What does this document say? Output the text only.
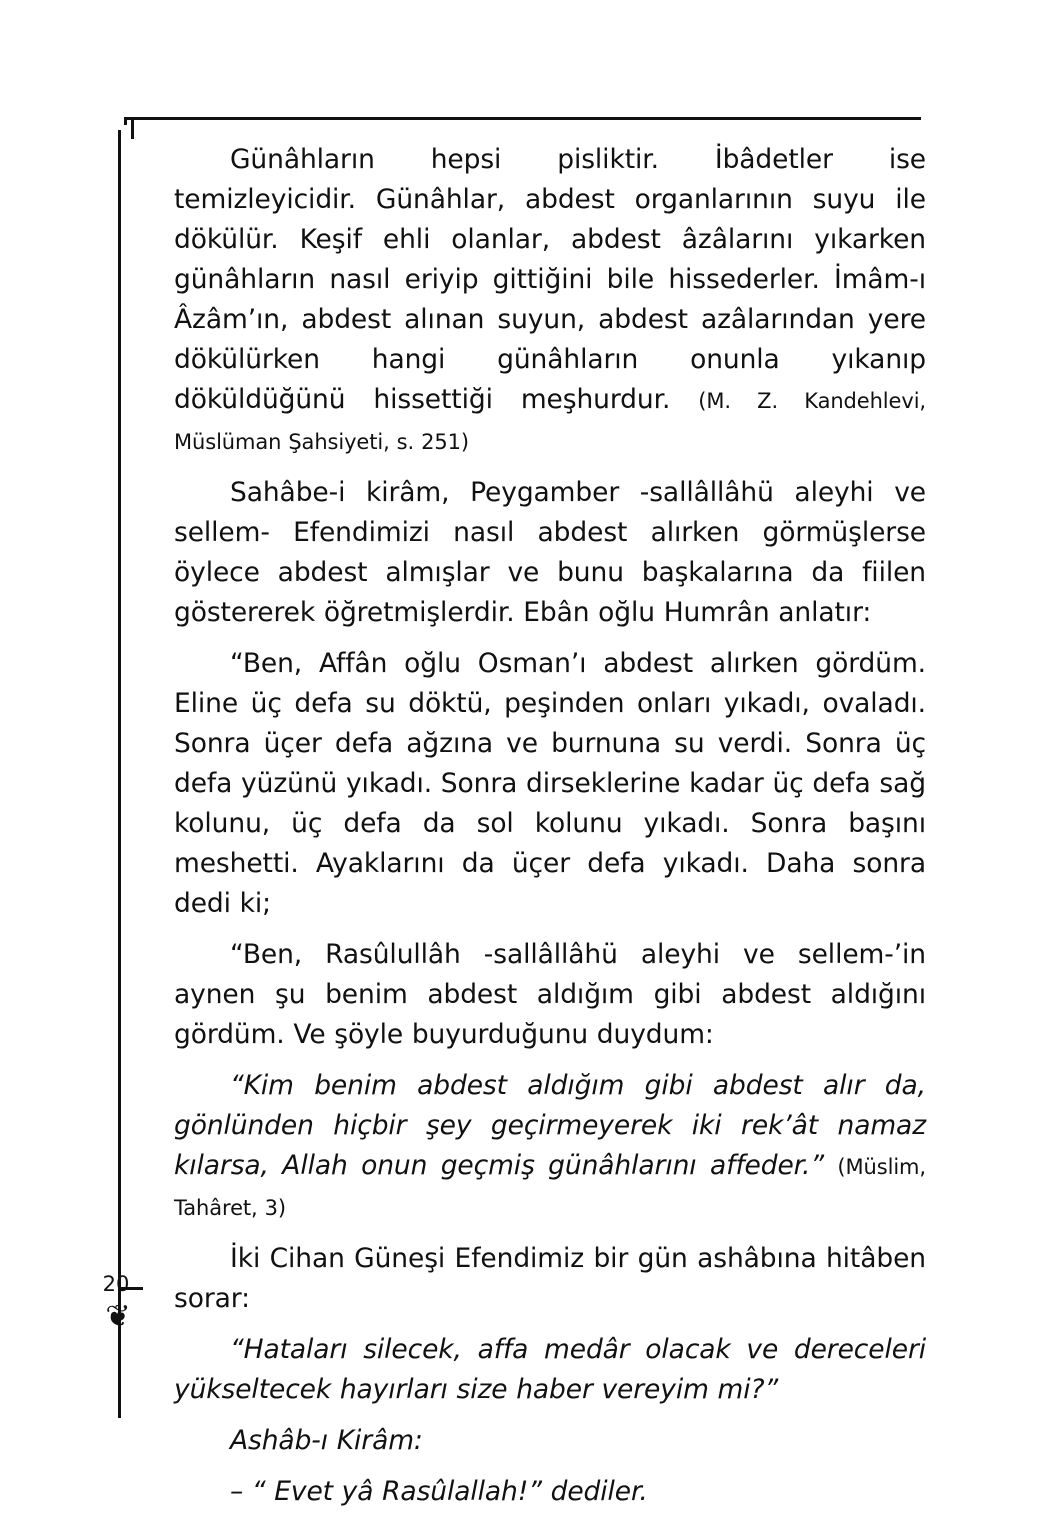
20
❦

Günâhların hepsi pisliktir. İbâdetler ise temizleyicidir. Günâhlar, abdest organlarının suyu ile dökülür. Keşif ehli olanlar, abdest âzâlarını yıkarken günâhların nasıl eriyip gittiğini bile hissederler. İmâm-ı Âzâm’ın, abdest alınan suyun, abdest azâlarından yere dökülürken hangi günâhların onunla yıkanıp döküldüğünü hissettiği meşhurdur. (M. Z. Kandehlevi, Müslüman Şahsiyeti, s. 251)

Sahâbe-i kirâm, Peygamber -sallâllâhü aleyhi ve sellem- Efendimizi nasıl abdest alırken görmüşlerse öylece abdest almışlar ve bunu başkalarına da fiilen göstererek öğretmişlerdir. Ebân oğlu Humrân anlatır:

“Ben, Affân oğlu Osman’ı abdest alırken gördüm. Eline üç defa su döktü, peşinden onları yıkadı, ovaladı. Sonra üçer defa ağzına ve burnuna su verdi. Sonra üç defa yüzünü yıkadı. Sonra dirseklerine kadar üç defa sağ kolunu, üç defa da sol kolunu yıkadı. Sonra başını meshetti. Ayaklarını da üçer defa yıkadı. Daha sonra dedi ki;

“Ben, Rasûlullâh -sallâllâhü aleyhi ve sellem-’in aynen şu benim abdest aldığım gibi abdest aldığını gördüm. Ve şöyle buyurduğunu duydum:

“Kim benim abdest aldığım gibi abdest alır da, gönlünden hiçbir şey geçirmeyerek iki rek’ât namaz kılarsa, Allah onun geçmiş günâhlarını affeder.” (Müslim, Tahâret, 3)

İki Cihan Güneşi Efendimiz bir gün ashâbına hitâben sorar:

“Hataları silecek, affa medâr olacak ve dereceleri yükseltecek hayırları size haber vereyim mi?”

Ashâb-ı Kirâm:

– “ Evet yâ Rasûlallah!” dediler.
